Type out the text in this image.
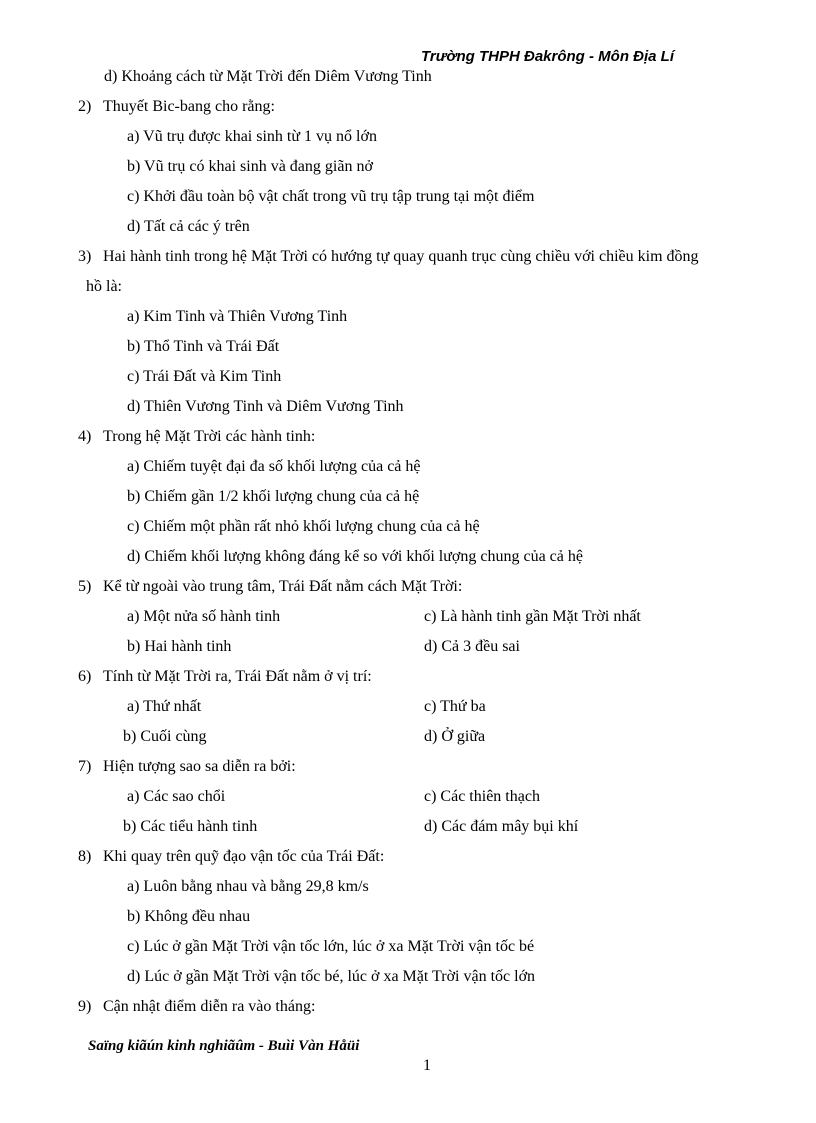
Trường THPH Đakrông - Môn Địa Lí
d) Khoảng cách từ Mặt Trời đến Diêm Vương Tinh
2) Thuyết Bic-bang cho rằng:
a) Vũ trụ được khai sinh từ 1 vụ nổ lớn
b) Vũ trụ có khai sinh và đang giãn nở
c) Khởi đầu toàn bộ vật chất trong vũ trụ tập trung tại một điểm
d) Tất cả các ý trên
3) Hai hành tinh trong hệ Mặt Trời có hướng tự quay quanh trục cùng chiều với chiều kim đồng
hồ là:
a) Kim Tinh và Thiên Vương Tinh
b) Thổ Tinh và Trái Đất
c) Trái Đất và Kim Tinh
d) Thiên Vương Tinh và Diêm Vương Tinh
4) Trong hệ Mặt Trời các hành tinh:
a) Chiếm tuyệt đại đa số khối lượng của cả hệ
b) Chiếm gần 1/2 khối lượng chung của cả hệ
c) Chiếm một phần rất nhỏ khối lượng chung của cả hệ
d) Chiếm khối lượng không đáng kể so với khối lượng chung của cả hệ
5) Kể từ ngoài vào trung tâm, Trái Đất nằm cách Mặt Trời:
a) Một nửa số hành tinh	c) Là hành tinh gần Mặt Trời nhất
b) Hai hành tinh	d) Cả 3 đều sai
6) Tính từ Mặt Trời ra, Trái Đất nằm ở vị trí:
a) Thứ nhất	c) Thứ ba
b) Cuối cùng	d) Ở giữa
7) Hiện tượng sao sa diễn ra bởi:
a) Các sao chổi	c) Các thiên thạch
b) Các tiểu hành tinh	d) Các đám mây bụi khí
8) Khi quay trên quỹ đạo vận tốc của Trái Đất:
a) Luôn bằng nhau và bằng 29,8 km/s
b) Không đều nhau
c) Lúc ở gần Mặt Trời vận tốc lớn, lúc ở xa Mặt Trời vận tốc bé
d) Lúc ở gần Mặt Trời vận tốc bé, lúc ở xa Mặt Trời vận tốc lớn
9) Cận nhật điểm diễn ra vào tháng:
Saïng kiãún kinh nghiãûm - Buìi Vàn Håüi
1
